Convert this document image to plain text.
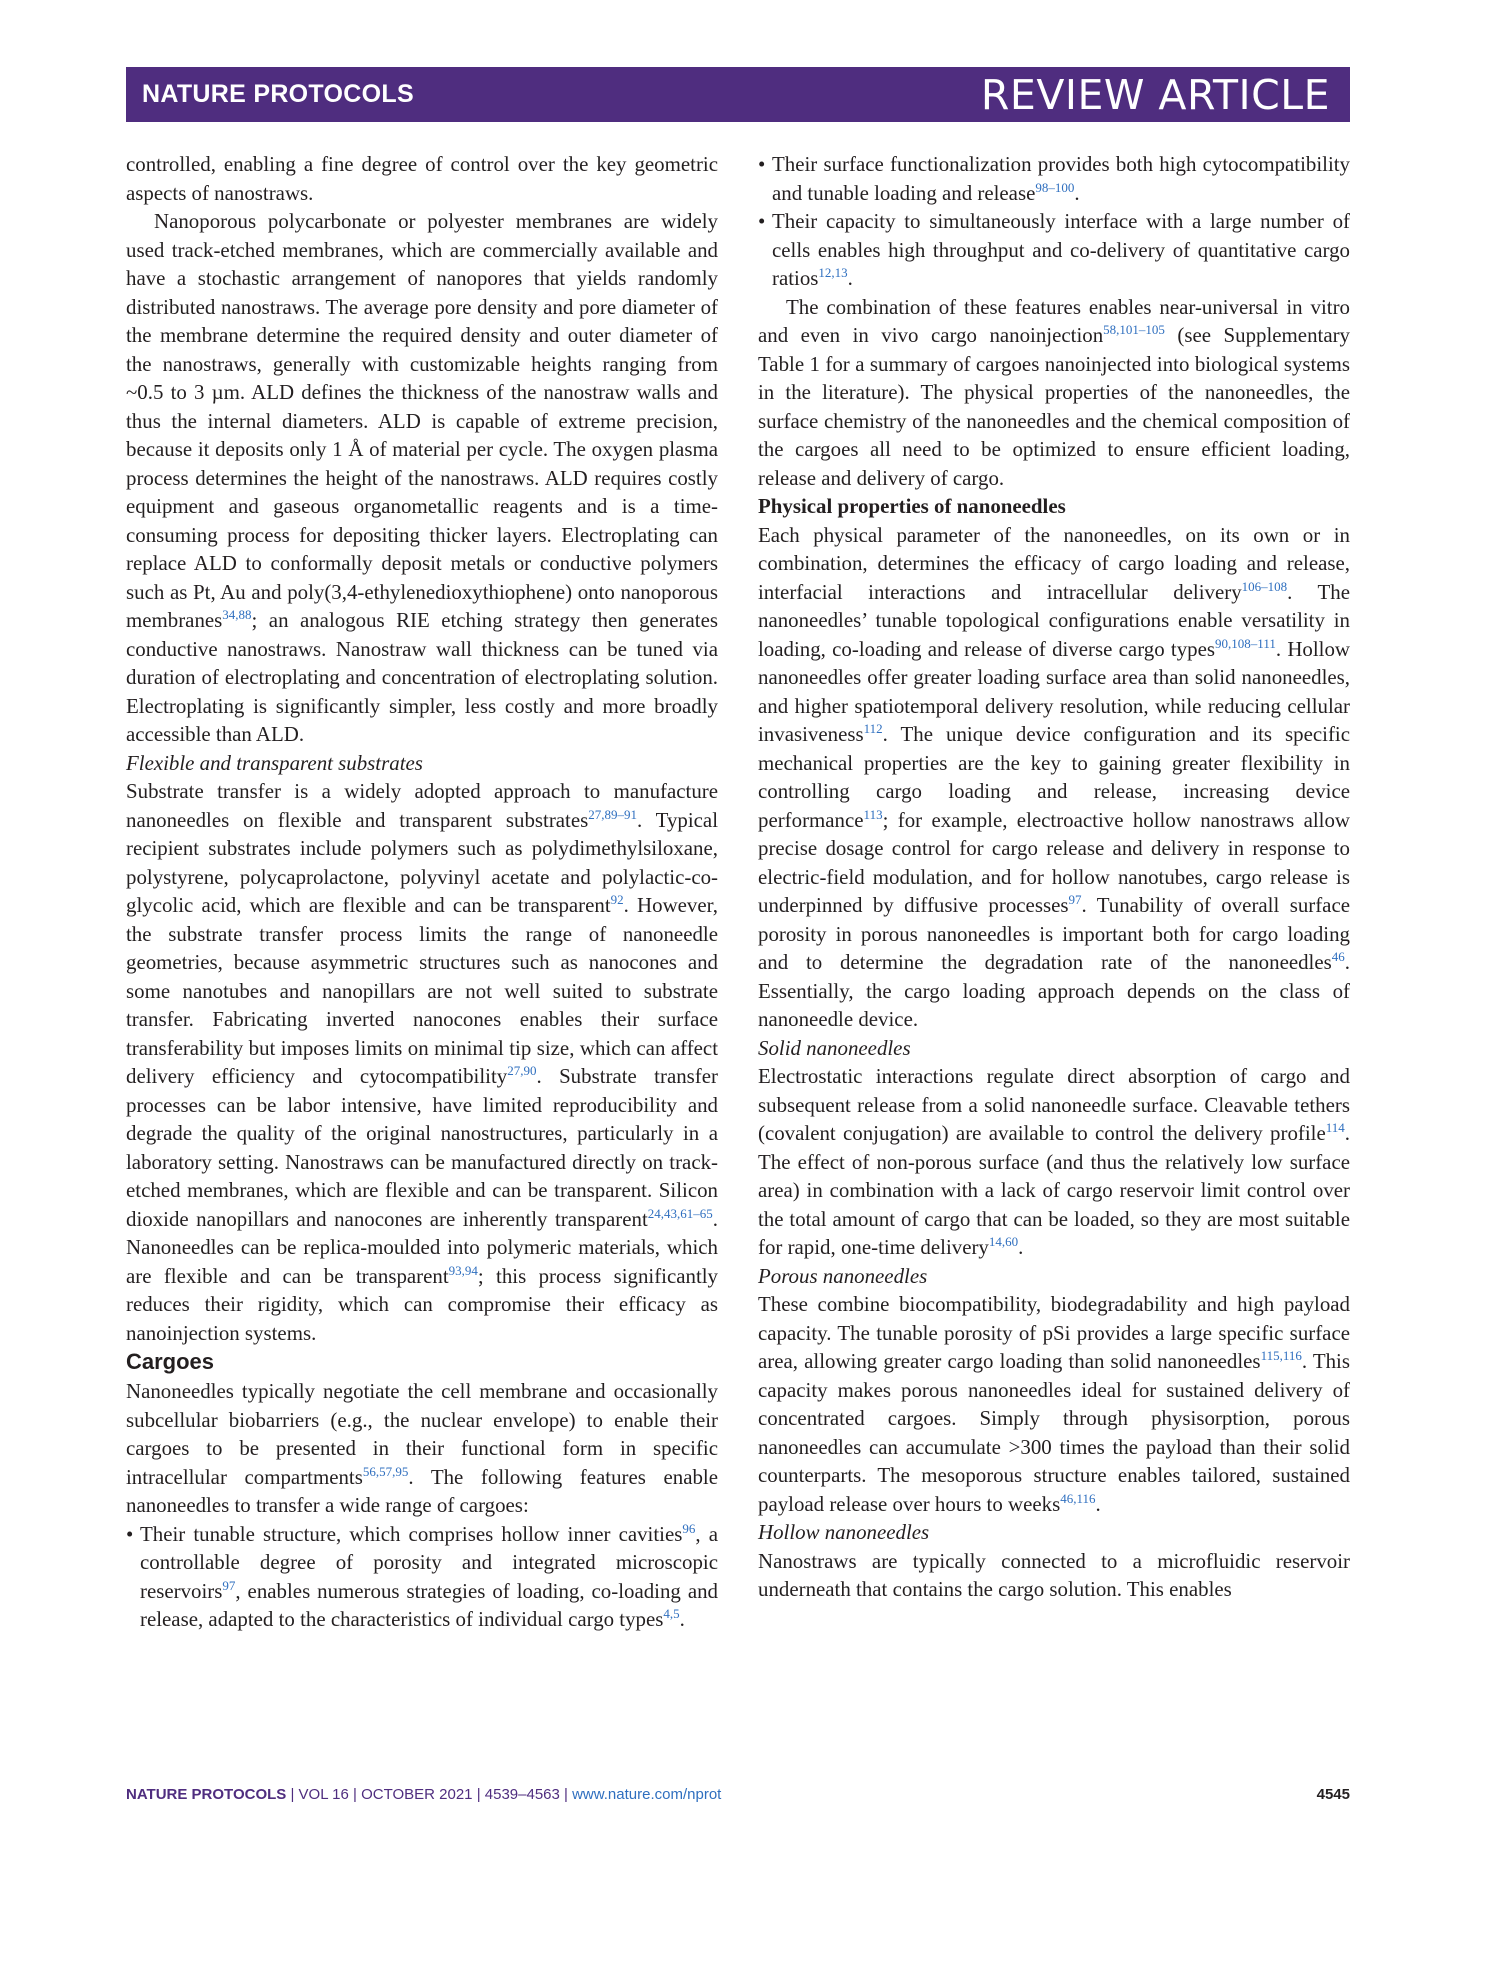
NATURE PROTOCOLS	REVIEW ARTICLE

controlled, enabling a fine degree of control over the key geometric aspects of nanostraws.

Nanoporous polycarbonate or polyester membranes are widely used track-etched membranes, which are commercially available and have a stochastic arrangement of nanopores that yields randomly distributed nanostraws. The average pore density and pore diameter of the membrane determine the required density and outer diameter of the nanostraws, generally with customizable heights ranging from ~0.5 to 3 µm. ALD defines the thickness of the nanostraw walls and thus the internal diameters. ALD is capable of extreme precision, because it deposits only 1 Å of material per cycle. The oxygen plasma process determines the height of the nanostraws. ALD requires costly equipment and gaseous organometallic reagents and is a time-consuming process for depositing thicker layers. Electroplating can replace ALD to conformally deposit metals or conductive polymers such as Pt, Au and poly(3,4-ethylenedioxythiophene) onto nanoporous membranes$^{34,88}$; an analogous RIE etching strategy then generates conductive nanostraws. Nanostraw wall thickness can be tuned via duration of electroplating and concentration of electroplating solution. Electroplating is significantly simpler, less costly and more broadly accessible than ALD.

Flexible and transparent substrates

Substrate transfer is a widely adopted approach to manufacture nanoneedles on flexible and transparent substrates$^{27,89-91}$. Typical recipient substrates include polymers such as polydimethylsiloxane, polystyrene, polycaprolactone, polyvinyl acetate and polylactic-co-glycolic acid, which are flexible and can be transparent$^{92}$. However, the substrate transfer process limits the range of nanoneedle geometries, because asymmetric structures such as nanocones and some nanotubes and nanopillars are not well suited to substrate transfer. Fabricating inverted nanocones enables their surface transferability but imposes limits on minimal tip size, which can affect delivery efficiency and cytocompatibility$^{27,90}$. Substrate transfer processes can be labor intensive, have limited reproducibility and degrade the quality of the original nanostructures, particularly in a laboratory setting. Nanostraws can be manufactured directly on track-etched membranes, which are flexible and can be transparent. Silicon dioxide nanopillars and nanocones are inherently transparent$^{24,43,61-65}$. Nanoneedles can be replica-moulded into polymeric materials, which are flexible and can be transparent$^{93,94}$; this process significantly reduces their rigidity, which can compromise their efficacy as nanoinjection systems.

Cargoes

Nanoneedles typically negotiate the cell membrane and occasionally subcellular biobarriers (e.g., the nuclear envelope) to enable their cargoes to be presented in their functional form in specific intracellular compartments$^{56,57,95}$. The following features enable nanoneedles to transfer a wide range of cargoes:

• Their tunable structure, which comprises hollow inner cavities$^{96}$, a controllable degree of porosity and integrated microscopic reservoirs$^{97}$, enables numerous strategies of loading, co-loading and release, adapted to the characteristics of individual cargo types$^{4,5}$.
• Their surface functionalization provides both high cytocompatibility and tunable loading and release$^{98-100}$.
• Their capacity to simultaneously interface with a large number of cells enables high throughput and co-delivery of quantitative cargo ratios$^{12,13}$.

The combination of these features enables near-universal in vitro and even in vivo cargo nanoinjection$^{58,101-105}$ (see Supplementary Table 1 for a summary of cargoes nanoinjected into biological systems in the literature). The physical properties of the nanoneedles, the surface chemistry of the nanoneedles and the chemical composition of the cargoes all need to be optimized to ensure efficient loading, release and delivery of cargo.

Physical properties of nanoneedles

Each physical parameter of the nanoneedles, on its own or in combination, determines the efficacy of cargo loading and release, interfacial interactions and intracellular delivery$^{106-108}$. The nanoneedles’ tunable topological configurations enable versatility in loading, co-loading and release of diverse cargo types$^{90,108-111}$. Hollow nanoneedles offer greater loading surface area than solid nanoneedles, and higher spatiotemporal delivery resolution, while reducing cellular invasiveness$^{112}$. The unique device configuration and its specific mechanical properties are the key to gaining greater flexibility in controlling cargo loading and release, increasing device performance$^{113}$; for example, electroactive hollow nanostraws allow precise dosage control for cargo release and delivery in response to electric-field modulation, and for hollow nanotubes, cargo release is underpinned by diffusive processes$^{97}$. Tunability of overall surface porosity in porous nanoneedles is important both for cargo loading and to determine the degradation rate of the nanoneedles$^{46}$. Essentially, the cargo loading approach depends on the class of nanoneedle device.

Solid nanoneedles

Electrostatic interactions regulate direct absorption of cargo and subsequent release from a solid nanoneedle surface. Cleavable tethers (covalent conjugation) are available to control the delivery profile$^{114}$. The effect of non-porous surface (and thus the relatively low surface area) in combination with a lack of cargo reservoir limit control over the total amount of cargo that can be loaded, so they are most suitable for rapid, one-time delivery$^{14,60}$.

Porous nanoneedles

These combine biocompatibility, biodegradability and high payload capacity. The tunable porosity of pSi provides a large specific surface area, allowing greater cargo loading than solid nanoneedles$^{115,116}$. This capacity makes porous nanoneedles ideal for sustained delivery of concentrated cargoes. Simply through physisorption, porous nanoneedles can accumulate >300 times the payload than their solid counterparts. The mesoporous structure enables tailored, sustained payload release over hours to weeks$^{46,116}$.

Hollow nanoneedles

Nanostraws are typically connected to a microfluidic reservoir underneath that contains the cargo solution. This enables

NATURE PROTOCOLS | VOL 16 | OCTOBER 2021 | 4539–4563 | www.nature.com/nprot	4545
